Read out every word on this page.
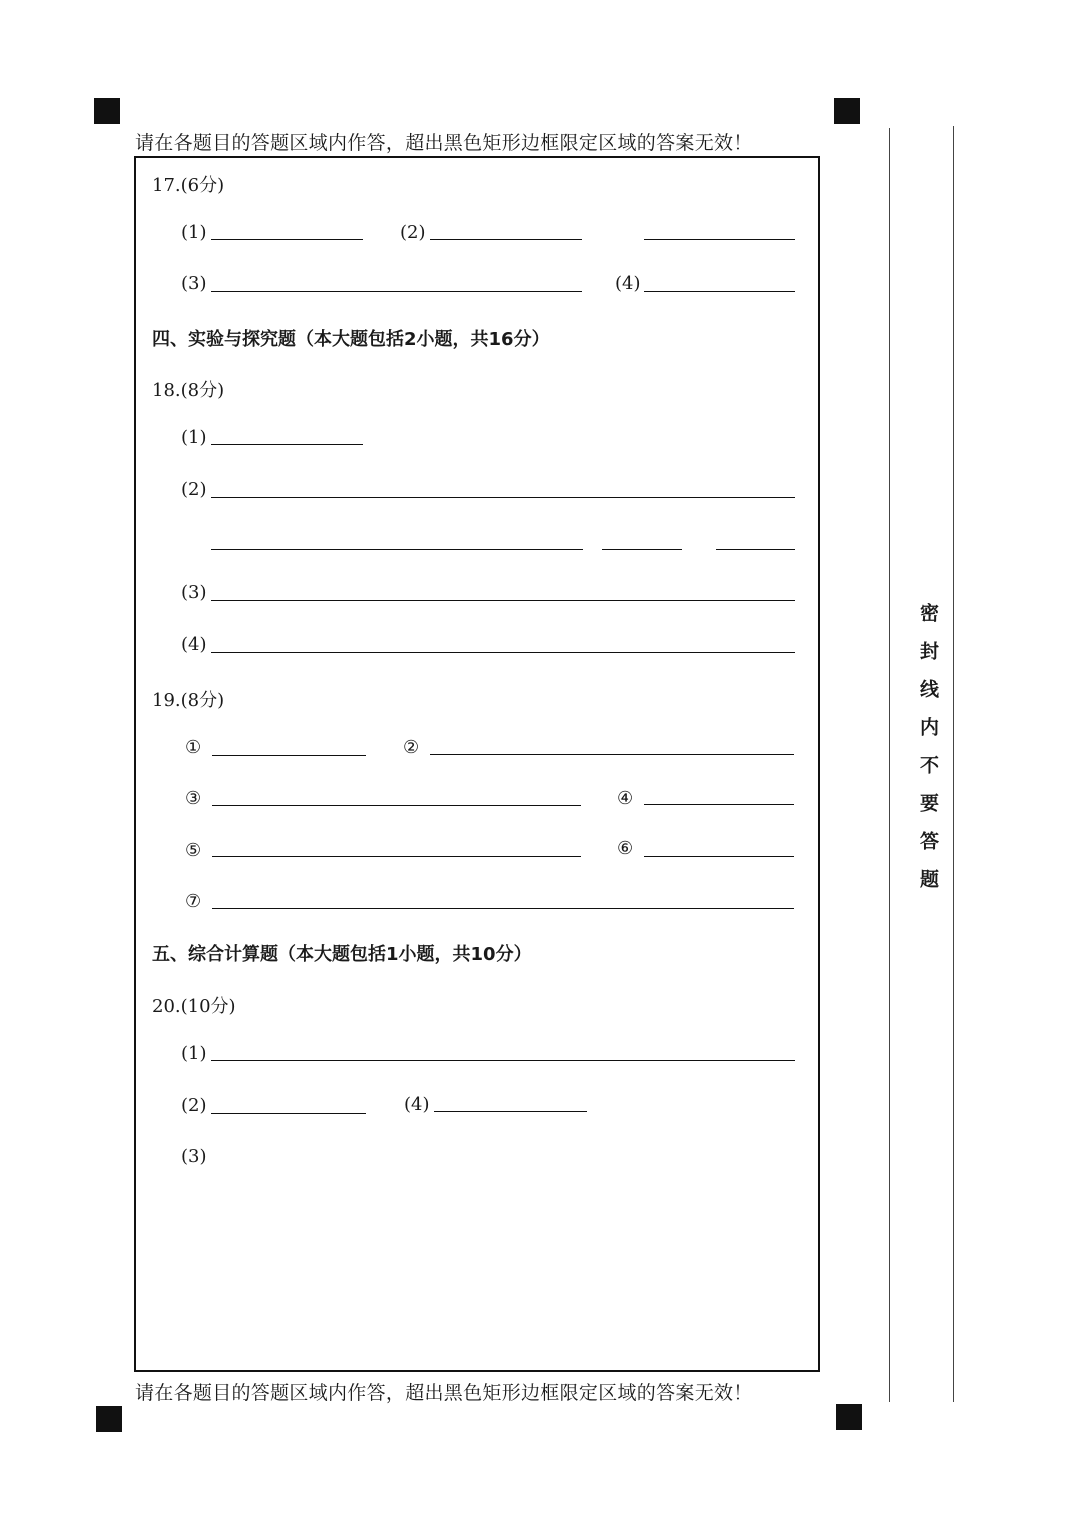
请在各题目的答题区域内作答，超出黑色矩形边框限定区域的答案无效！
请在各题目的答题区域内作答，超出黑色矩形边框限定区域的答案无效！
17.(6分)
(1)	(2)
(3)	(4)
四、实验与探究题（本大题包括2小题，共16分）
18.(8分)
(1)
(2)
(3)
(4)
19.(8分)
①	②
③	④
⑤	⑥
⑦
五、综合计算题（本大题包括1小题，共10分）
20.(10分)
(1)
(2)	(4)
(3)
密封线内不要答题
